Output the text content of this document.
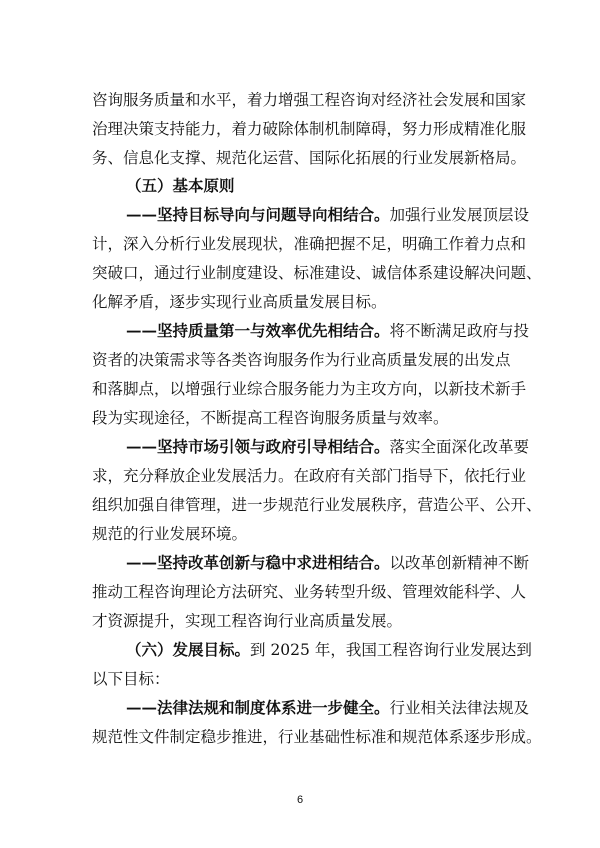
咨询服务质量和水平，着力增强工程咨询对经济社会发展和国家
治理决策支持能力，着力破除体制机制障碍，努力形成精准化服
务、信息化支撑、规范化运营、国际化拓展的行业发展新格局。
（五）基本原则
——坚持目标导向与问题导向相结合。加强行业发展顶层设
计，深入分析行业发展现状，准确把握不足，明确工作着力点和
突破口，通过行业制度建设、标准建设、诚信体系建设解决问题、
化解矛盾，逐步实现行业高质量发展目标。
——坚持质量第一与效率优先相结合。将不断满足政府与投
资者的决策需求等各类咨询服务作为行业高质量发展的出发点
和落脚点，以增强行业综合服务能力为主攻方向，以新技术新手
段为实现途径，不断提高工程咨询服务质量与效率。
——坚持市场引领与政府引导相结合。落实全面深化改革要
求，充分释放企业发展活力。在政府有关部门指导下，依托行业
组织加强自律管理，进一步规范行业发展秩序，营造公平、公开、
规范的行业发展环境。
——坚持改革创新与稳中求进相结合。以改革创新精神不断
推动工程咨询理论方法研究、业务转型升级、管理效能科学、人
才资源提升，实现工程咨询行业高质量发展。
（六）发展目标。到 2025 年，我国工程咨询行业发展达到
以下目标：
——法律法规和制度体系进一步健全。行业相关法律法规及
规范性文件制定稳步推进，行业基础性标准和规范体系逐步形成。
6
